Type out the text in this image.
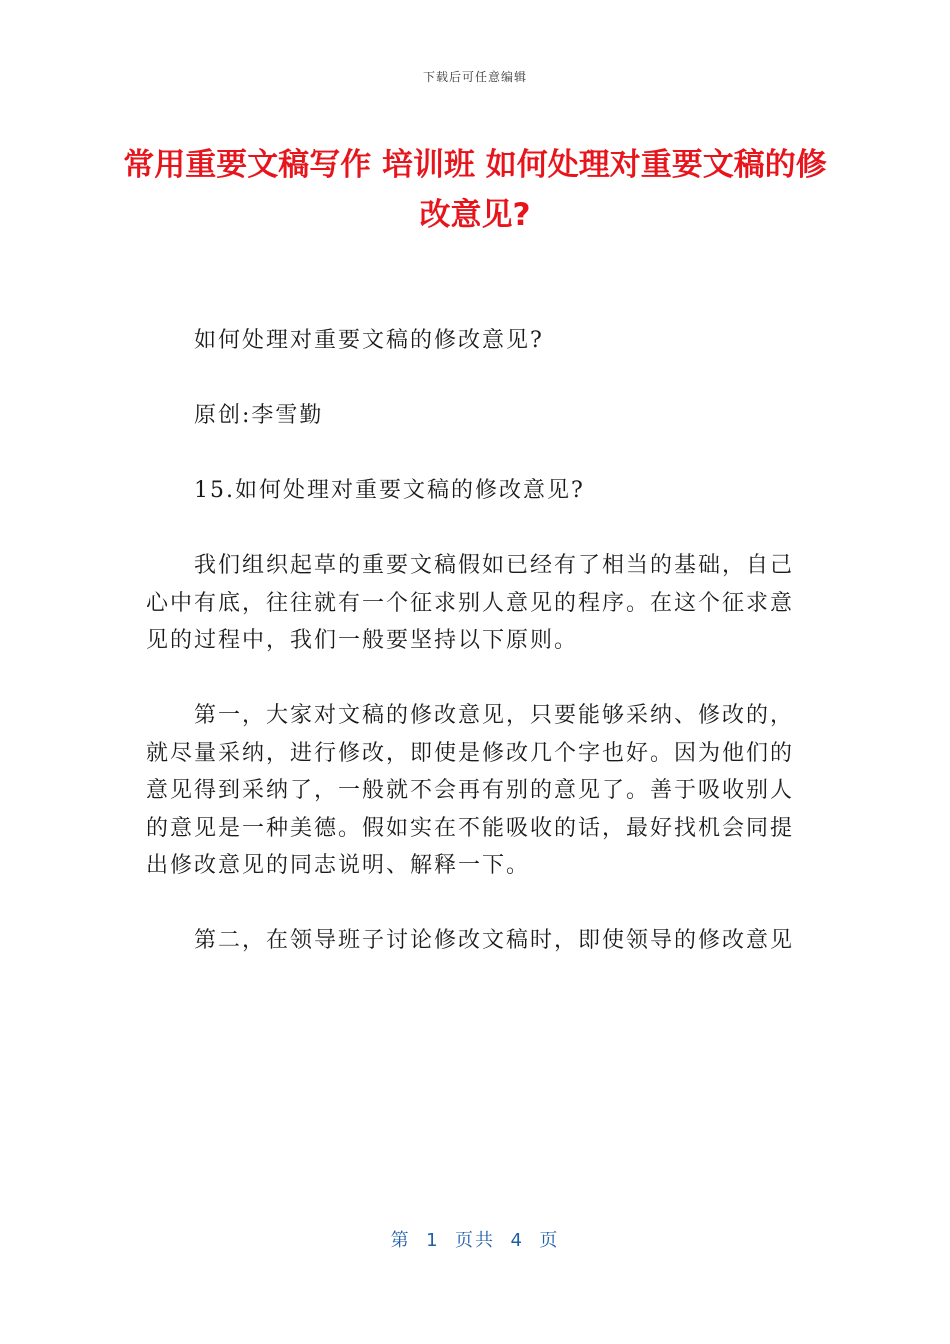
下载后可任意编辑
常用重要文稿写作 培训班 如何处理对重要文稿的修改意见?

如何处理对重要文稿的修改意见?

原创:李雪勤

15.如何处理对重要文稿的修改意见?

我们组织起草的重要文稿假如已经有了相当的基础，自己心中有底，往往就有一个征求别人意见的程序。在这个征求意见的过程中，我们一般要坚持以下原则。

第一，大家对文稿的修改意见，只要能够采纳、修改的，就尽量采纳，进行修改，即使是修改几个字也好。因为他们的意见得到采纳了，一般就不会再有别的意见了。善于吸收别人的意见是一种美德。假如实在不能吸收的话，最好找机会同提出修改意见的同志说明、解释一下。

第二，在领导班子讨论修改文稿时，即使领导的修改意见

第  1  页共  4  页
